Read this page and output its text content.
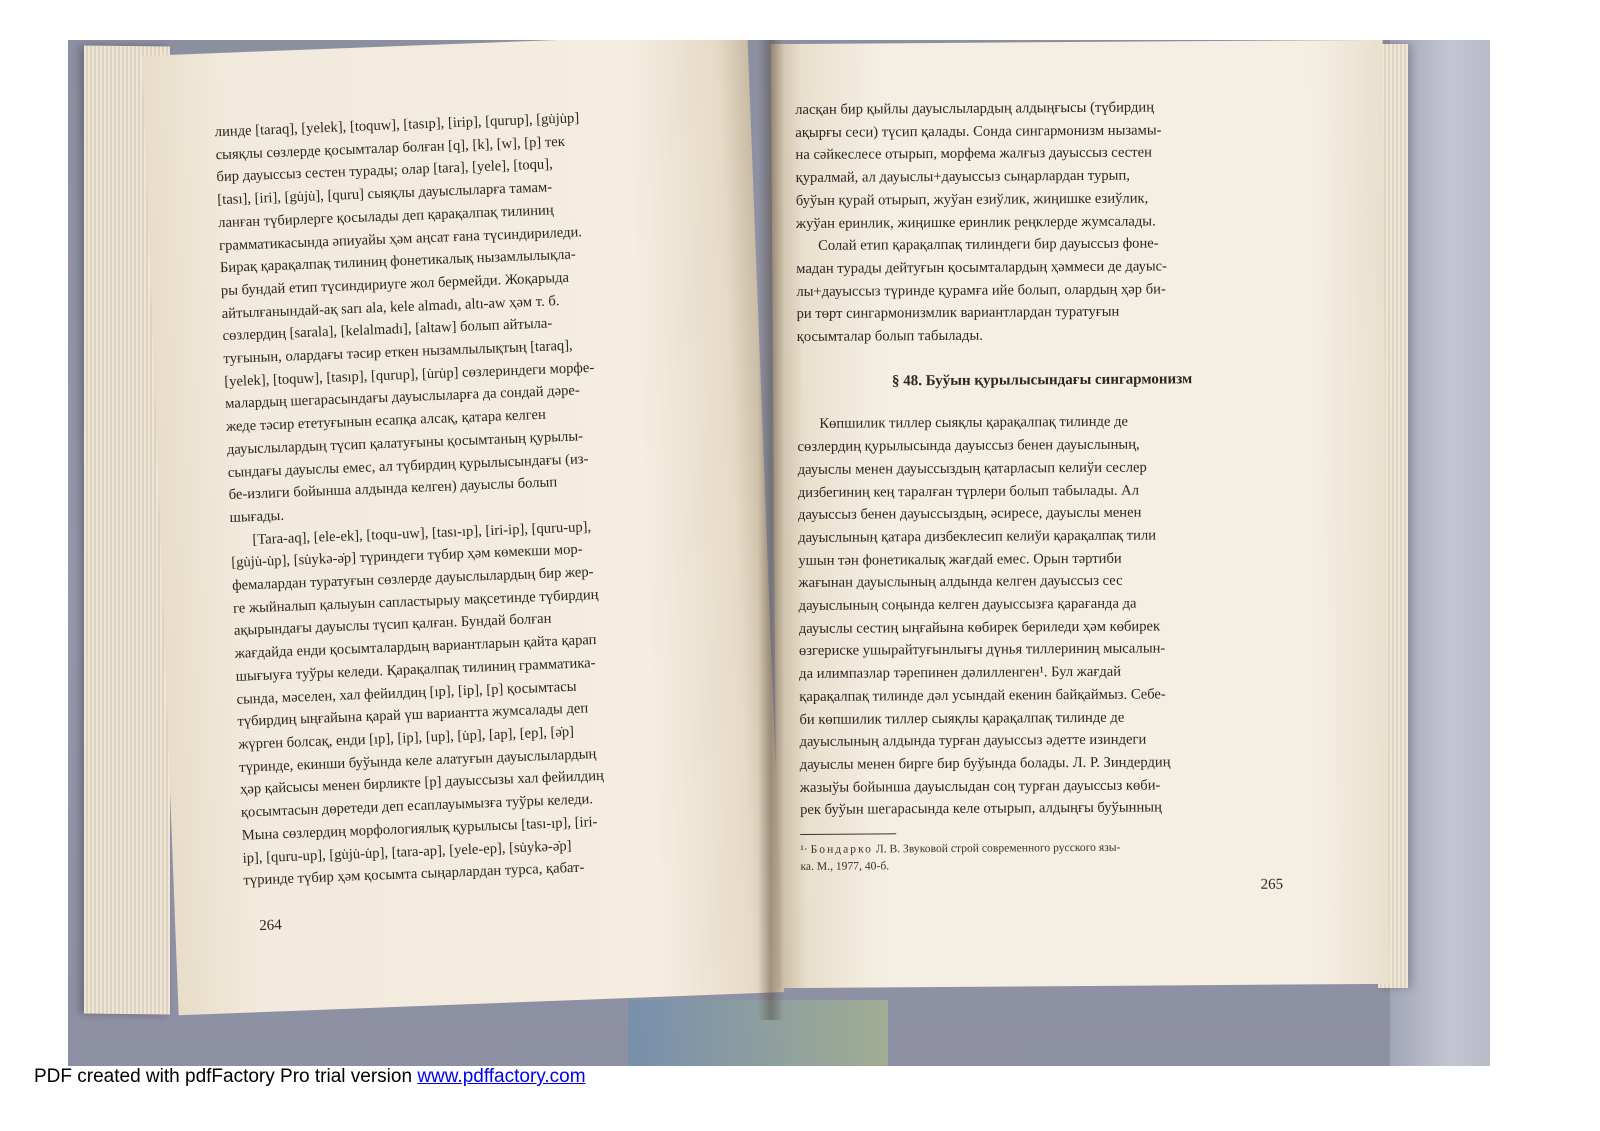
линде [taraq], [yelek], [toquw], [tasıp], [irip], [qurup], [gu̇ju̇p]

сыяқлы сөзлерде қосымталар болған [q], [k], [w], [p] тек

бир дауыссыз сестен турады; олар [tara], [yele], [toqu],

[tası], [iri], [gu̇ju̇], [quru] сыяқлы дауыслыларға тамам-

ланған түбирлерге қосылады деп қарақалпақ тилиниң

грамматикасында әпиуайы ҳәм аңсат ғана түсиндириледи.

Бирақ қарақалпақ тилиниң фонетикалық нызамлылықла-

ры бундай етип түсиндириуге жол бермейди. Жоқарыда

айтылғанындай-ақ sarı ala, kele almadı, altı-aw ҳәм т. б.

сөзлердиң [sarala], [kelalmadı], [altaw] болып айтыла-

туғынын, олардағы тәсир еткен нызамлылықтың [taraq],

[yelek], [toquw], [tasıp], [qurup], [u̇ru̇p] сөзлериндеги морфе-

малардың шегарасындағы дауыслыларға да сондай дәре-

жеде тәсир ететуғынын есапқа алсақ, қатара келген

дауыслылардың түсип қалатуғыны қосымтаның қурылы-

сындағы дауыслы емес, ал түбирдиң қурылысындағы (из-

бе-излиги бойынша алдында келген) дауыслы болып

шығады.

[Tara-aq], [ele-ek], [toqu-uw], [tası-ıp], [iri-ip], [quru-up],

[gu̇ju̇-u̇p], [su̇ykə-ə̇p] түриндеги түбир ҳәм көмекши мор-

фемалардан туратуғын сөзлерде дауыслылардың бир жер-

ге жыйналып қалыуын сапластырыу мақсетинде түбирдиң

ақырындағы дауыслы түсип қалған. Бундай болған

жағдайда енди қосымталардың вариантларын қайта қарап

шығыуға туўры келеди. Қарақалпақ тилиниң грамматика-

сында, мәселен, хал фейилдиң [ıp], [ip], [p] қосымтасы

түбирдиң ыңғайына қарай үш вариантта жумсалады деп

жүрген болсақ, енди [ıp], [ip], [up], [u̇p], [ap], [ep], [ə̇p]

түринде, екинши буўында келе алатуғын дауыслылардың

ҳәр қайсысы менен бирликте [p] дауыссызы хал фейилдиң

қосымтасын дөретеди деп есаплауымызға туўры келеди.

Мына сөзлердиң морфологиялық қурылысы [tası-ıp], [iri-

ip], [quru-up], [gu̇ju̇-u̇p], [tara-ap], [yele-ep], [su̇ykə-ə̇p]

түринде түбир ҳәм қосымта сыңарлардан турса, қабат-

264

ласқан бир қыйлы дауыслылардың алдыңғысы (түбирдиң

ақырғы сеси) түсип қалады. Сонда сингармонизм нызамы-

на сәйкеслесе отырып, морфема жалғыз дауыссыз сестен

қуралмай, ал дауыслы+дауыссыз сыңарлардан турып,

буўын қурай отырып, жуўан езиўлик, жиңишке езиўлик,

жуўан еринлик, жиңишке еринлик реңклерде жумсалады.

Солай етип қарақалпақ тилиндеги бир дауыссыз фоне-

мадан турады дейтуғын қосымталардың ҳәммеси де дауыс-

лы+дауыссыз түринде қурамға ийе болып, олардың ҳәр би-

ри төрт сингармонизмлик вариантлардан туратуғын

қосымталар болып табылады.

§ 48. Буўын қурылысындағы сингармонизм

Көпшилик тиллер сыяқлы қарақалпақ тилинде де

сөзлердиң қурылысында дауыссыз бенен дауыслының,

дауыслы менен дауыссыздың қатарласып келиўи сеслер

дизбегиниң кең таралған түрлери болып табылады. Ал

дауыссыз бенен дауыссыздың, әсиресе, дауыслы менен

дауыслының қатара дизбеклесип келиўи қарақалпақ тили

ушын тән фонетикалық жағдай емес. Орын тәртиби

жағынан дауыслының алдында келген дауыссыз сес

дауыслының соңында келген дауыссызға қарағанда да

дауыслы сестиң ыңғайына көбирек бериледи ҳәм көбирек

өзгериске ушырайтуғынлығы дүнья тиллериниң мысалын-

да илимпазлар тәрепинен дәлилленген¹. Бул жағдай

қарақалпақ тилинде дәл усындай екенин байқаймыз. Себе-

би көпшилик тиллер сыяқлы қарақалпақ тилинде де

дауыслының алдында турған дауыссыз әдетте изиндеги

дауыслы менен бирге бир буўында болады. Л. Р. Зиндердиң

жазыўы бойынша дауыслыдан соң турған дауыссыз көби-

рек буўын шегарасында келе отырып, алдыңғы буўынның

¹· Бондарко Л. В. Звуковой строй современного русского язы-

ка. М., 1977, 40-б.

265
PDF created with pdfFactory Pro trial version www.pdffactory.com
